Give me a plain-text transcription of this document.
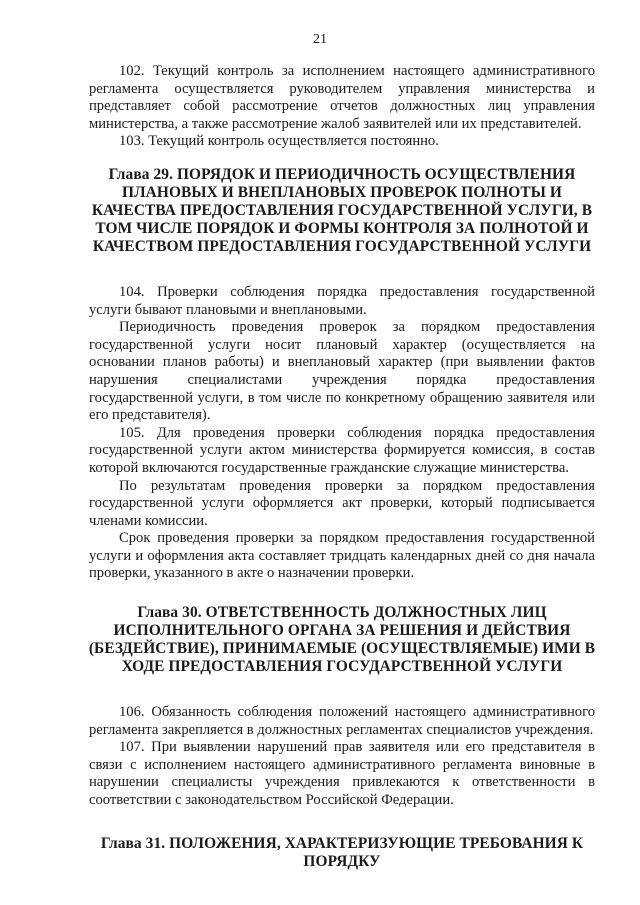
21

102. Текущий контроль за исполнением настоящего административного регламента осуществляется руководителем управления министерства и представляет собой рассмотрение отчетов должностных лиц управления министерства, а также рассмотрение жалоб заявителей или их представителей.

103. Текущий контроль осуществляется постоянно.

Глава 29. ПОРЯДОК И ПЕРИОДИЧНОСТЬ ОСУЩЕСТВЛЕНИЯ ПЛАНОВЫХ И ВНЕПЛАНОВЫХ ПРОВЕРОК ПОЛНОТЫ И КАЧЕСТВА ПРЕДОСТАВЛЕНИЯ ГОСУДАРСТВЕННОЙ УСЛУГИ, В ТОМ ЧИСЛЕ ПОРЯДОК И ФОРМЫ КОНТРОЛЯ ЗА ПОЛНОТОЙ И КАЧЕСТВОМ ПРЕДОСТАВЛЕНИЯ ГОСУДАРСТВЕННОЙ УСЛУГИ

104. Проверки соблюдения порядка предоставления государственной услуги бывают плановыми и внеплановыми.

Периодичность проведения проверок за порядком предоставления государственной услуги носит плановый характер (осуществляется на основании планов работы) и внеплановый характер (при выявлении фактов нарушения специалистами учреждения порядка предоставления государственной услуги, в том числе по конкретному обращению заявителя или его представителя).

105. Для проведения проверки соблюдения порядка предоставления государственной услуги актом министерства формируется комиссия, в состав которой включаются государственные гражданские служащие министерства.

По результатам проведения проверки за порядком предоставления государственной услуги оформляется акт проверки, который подписывается членами комиссии.

Срок проведения проверки за порядком предоставления государственной услуги и оформления акта составляет тридцать календарных дней со дня начала проверки, указанного в акте о назначении проверки.

Глава 30. ОТВЕТСТВЕННОСТЬ ДОЛЖНОСТНЫХ ЛИЦ ИСПОЛНИТЕЛЬНОГО ОРГАНА ЗА РЕШЕНИЯ И ДЕЙСТВИЯ (БЕЗДЕЙСТВИЕ), ПРИНИМАЕМЫЕ (ОСУЩЕСТВЛЯЕМЫЕ) ИМИ В ХОДЕ ПРЕДОСТАВЛЕНИЯ ГОСУДАРСТВЕННОЙ УСЛУГИ

106. Обязанность соблюдения положений настоящего административного регламента закрепляется в должностных регламентах специалистов учреждения.

107. При выявлении нарушений прав заявителя или его представителя в связи с исполнением настоящего административного регламента виновные в нарушении специалисты учреждения привлекаются к ответственности в соответствии с законодательством Российской Федерации.

Глава 31. ПОЛОЖЕНИЯ, ХАРАКТЕРИЗУЮЩИЕ ТРЕБОВАНИЯ К ПОРЯДКУ
